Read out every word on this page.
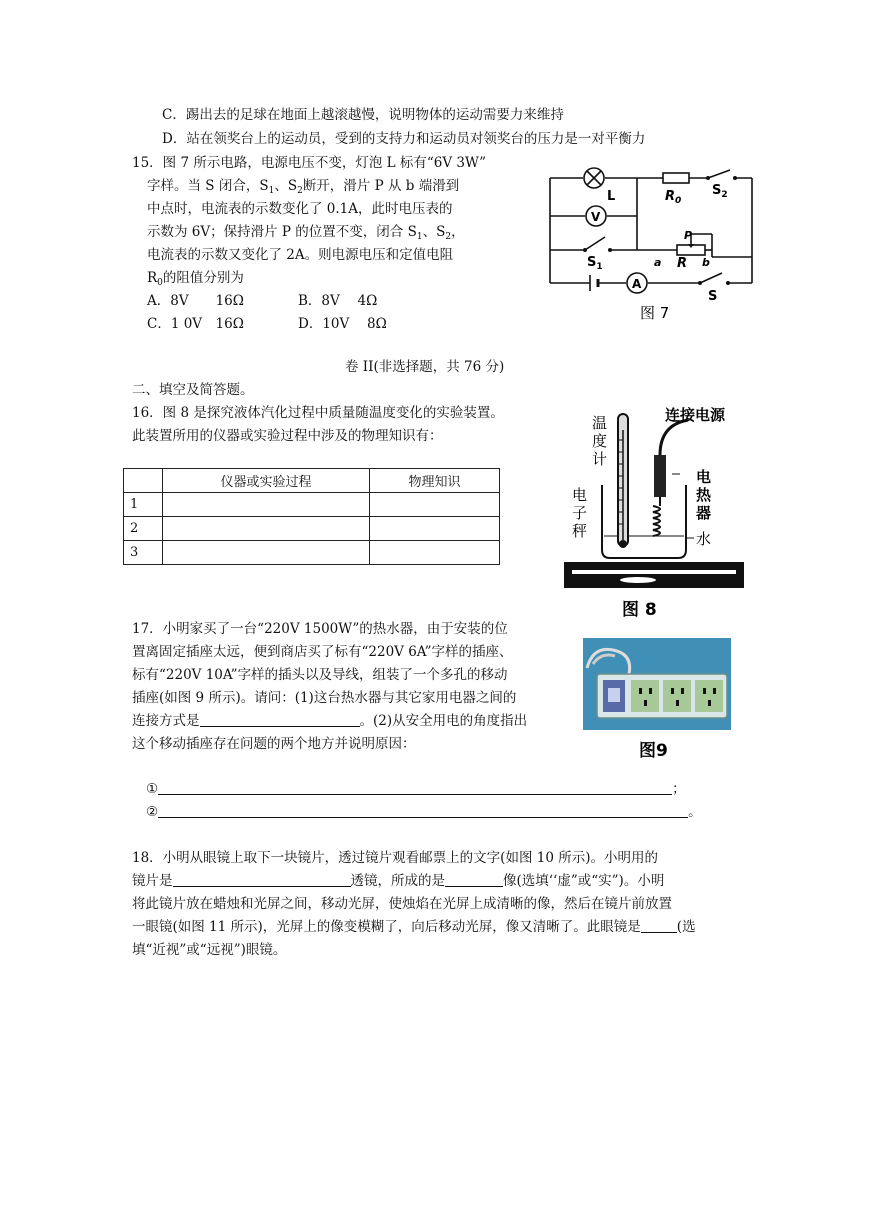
C．踢出去的足球在地面上越滚越慢，说明物体的运动需要力来维持
D．站在领奖台上的运动员，受到的支持力和运动员对领奖台的压力是一对平衡力
15．图 7 所示电路，电源电压不变，灯泡 L 标有“6V 3W”
字样。当 S 闭合，$S_1$、$S_2$断开，滑片 P 从 b 端滑到
中点时，电流表的示数变化了 0.1A，此时电压表的
示数为 6V；保持滑片 P 的位置不变，闭合 $S_1$、$S_2$，
电流表的示数又变化了 2A。则电源电压和定值电阻
$R_0$的阻值分别为
A．8V　　16Ω	B．8V　 4Ω
C．1 0V　16Ω	D．10V　 8Ω
L	$R_0$
$S_2$
V
$S_1$
P
a R b
A
S
图 7
卷 II(非选择题，共 76 分)
二、填空及简答题。
16．图 8 是探究液体汽化过程中质量随温度变化的实验装置。
此装置所用的仪器或实验过程中涉及的物理知识有：
	仪器或实验过程	物理知识
1		
2		
3		
温
度
计
连接电源
电
热
器
电
子
秤	水
图 8
17．小明家买了一台“220V 1500W”的热水器，由于安装的位
置离固定插座太远，便到商店买了标有“220V 6A”字样的插座、
标有“220V 10A”字样的插头以及导线，组装了一个多孔的移动
插座(如图 9 所示)。请问：(1)这台热水器与其它家用电器之间的
连接方式是	。(2)从安全用电的角度指出
这个移动插座存在问题的两个地方并说明原因：	图9
①	；
②	。
18．小明从眼镜上取下一块镜片，透过镜片观看邮票上的文字(如图 10 所示)。小明用的
镜片是	透镜，所成的是	像(选填‘‘虚”或“实”)。小明
将此镜片放在蜡烛和光屏之间，移动光屏，使烛焰在光屏上成清晰的像，然后在镜片前放置
一眼镜(如图 11 所示)，光屏上的像变模糊了，向后移动光屏，像又清晰了。此眼镜是	(选
填“近视”或“远视”)眼镜。
